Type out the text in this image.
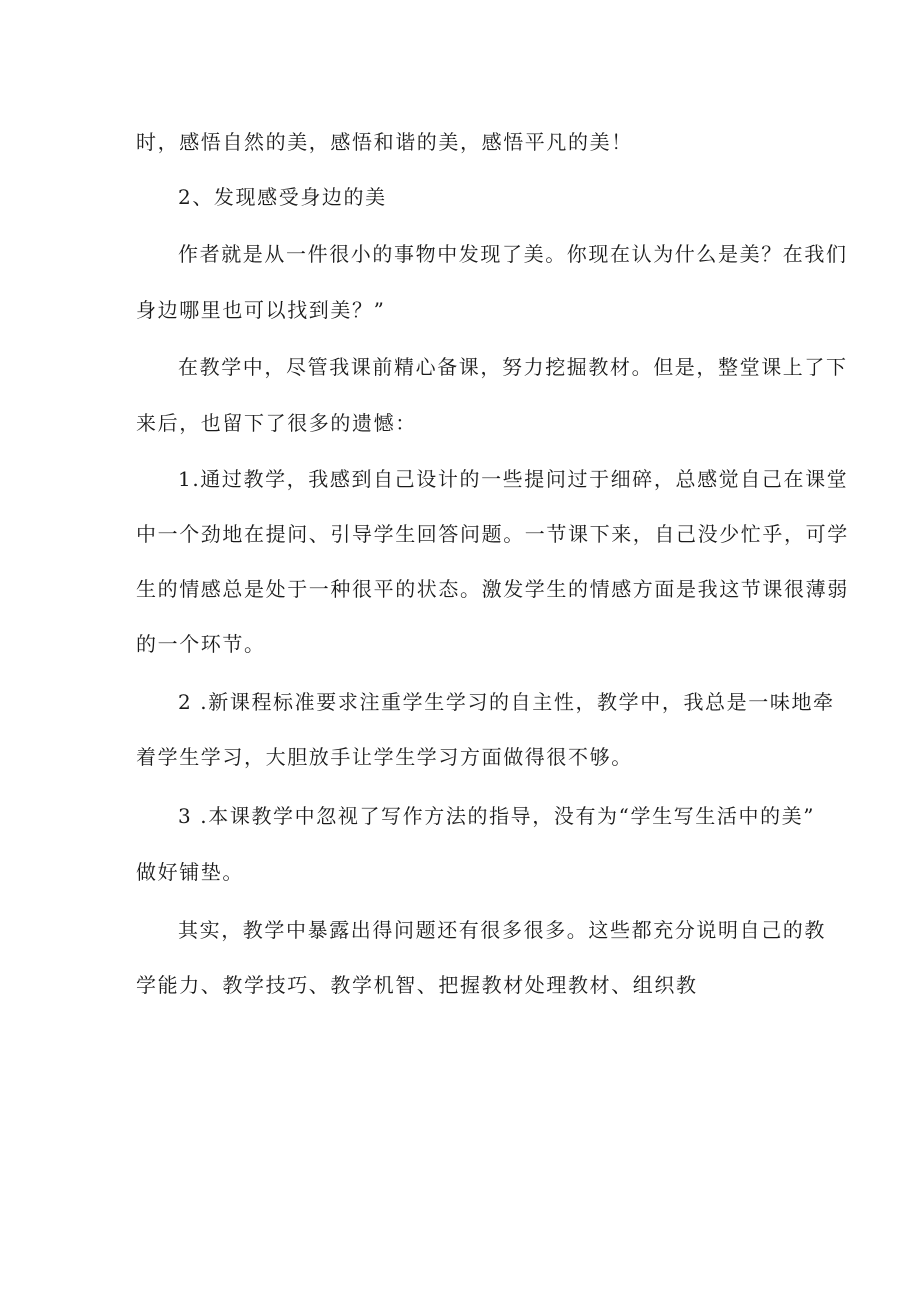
时，感悟自然的美，感悟和谐的美，感悟平凡的美！
2、发现感受身边的美
作者就是从一件很小的事物中发现了美。你现在认为什么是美？在我们
身边哪里也可以找到美？”
在教学中，尽管我课前精心备课，努力挖掘教材。但是，整堂课上了下
来后，也留下了很多的遗憾：
1.通过教学，我感到自己设计的一些提问过于细碎，总感觉自己在课堂
中一个劲地在提问、引导学生回答问题。一节课下来，自己没少忙乎，可学
生的情感总是处于一种很平的状态。激发学生的情感方面是我这节课很薄弱
的一个环节。
2 .新课程标准要求注重学生学习的自主性，教学中，我总是一味地牵
着学生学习，大胆放手让学生学习方面做得很不够。
3 .本课教学中忽视了写作方法的指导，没有为“学生写生活中的美”
做好铺垫。
其实，教学中暴露出得问题还有很多很多。这些都充分说明自己的教
学能力、教学技巧、教学机智、把握教材处理教材、组织教
